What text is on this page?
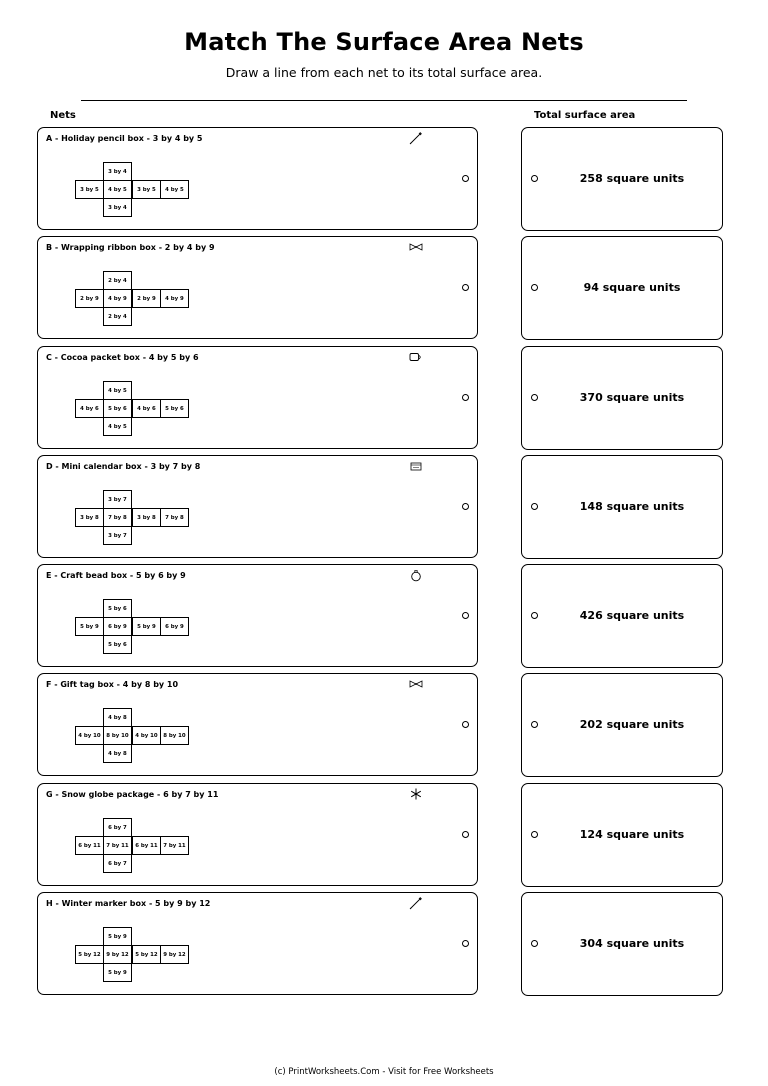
Match The Surface Area Nets
Draw a line from each net to its total surface area.
Nets	Total surface area
A - Holiday pencil box - 3 by 4 by 5
3 by 4
3 by 5	4 by 5	3 by 5	4 by 5
3 by 4
B - Wrapping ribbon box - 2 by 4 by 9
2 by 4
2 by 9	4 by 9	2 by 9	4 by 9
2 by 4
C - Cocoa packet box - 4 by 5 by 6
4 by 5
4 by 6	5 by 6	4 by 6	5 by 6
4 by 5
D - Mini calendar box - 3 by 7 by 8
3 by 7
3 by 8	7 by 8	3 by 8	7 by 8
3 by 7
E - Craft bead box - 5 by 6 by 9
5 by 6
5 by 9	6 by 9	5 by 9	6 by 9
5 by 6
F - Gift tag box - 4 by 8 by 10
4 by 8
4 by 10	8 by 10	4 by 10	8 by 10
4 by 8
G - Snow globe package - 6 by 7 by 11
6 by 7
6 by 11	7 by 11	6 by 11	7 by 11
6 by 7
H - Winter marker box - 5 by 9 by 12
5 by 9
5 by 12	9 by 12	5 by 12	9 by 12
5 by 9
258 square units
94 square units
370 square units
148 square units
426 square units
202 square units
124 square units
304 square units
(c) PrintWorksheets.Com - Visit for Free Worksheets
